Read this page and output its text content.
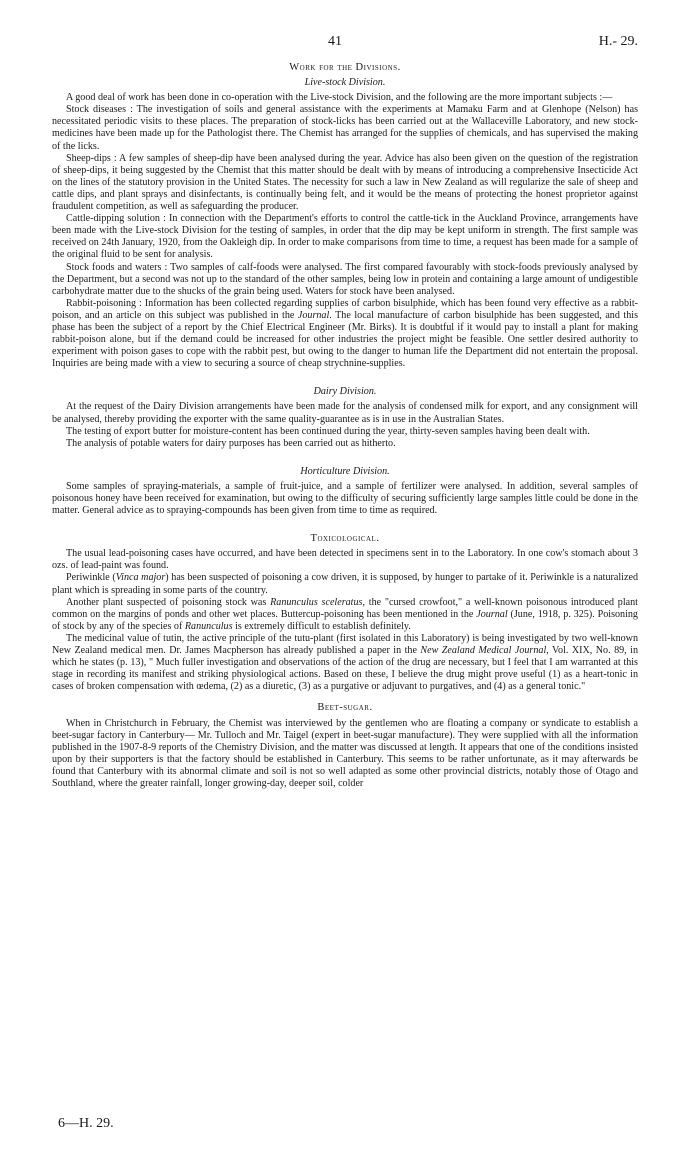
41	H.- 29.
Work for the Divisions.
Live-stock Division.

A good deal of work has been done in co-operation with the Live-stock Division, and the following are the more important subjects :—

Stock diseases : The investigation of soils and general assistance with the experiments at Mamaku Farm and at Glenhope (Nelson) has necessitated periodic visits to these places. The preparation of stock-licks has been carried out at the Wallaceville Laboratory, and new stock-medicines have been made up for the Pathologist there. The Chemist has arranged for the supplies of chemicals, and has supervised the making of the licks.

Sheep-dips : A few samples of sheep-dip have been analysed during the year. Advice has also been given on the question of the registration of sheep-dips, it being suggested by the Chemist that this matter should be dealt with by means of introducing a comprehensive Insecticide Act on the lines of the statutory provision in the United States. The necessity for such a law in New Zealand as will regularize the sale of sheep and cattle dips, and plant sprays and disinfectants, is continually being felt, and it would be the means of protecting the honest proprietor against fraudulent competition, as well as safeguarding the producer.

Cattle-dipping solution : In connection with the Department's efforts to control the cattle-tick in the Auckland Province, arrangements have been made with the Live-stock Division for the testing of samples, in order that the dip may be kept uniform in strength. The first sample was received on 24th January, 1920, from the Oakleigh dip. In order to make comparisons from time to time, a request has been made for a sample of the original fluid to be sent for analysis.

Stock foods and waters : Two samples of calf-foods were analysed. The first compared favourably with stock-foods previously analysed by the Department, but a second was not up to the standard of the other samples, being low in protein and containing a large amount of undigestible carbohydrate matter due to the shucks of the grain being used. Waters for stock have been analysed.

Rabbit-poisoning : Information has been collected regarding supplies of carbon bisulphide, which has been found very effective as a rabbit-poison, and an article on this subject was published in the Journal. The local manufacture of carbon bisulphide has been suggested, and this phase has been the subject of a report by the Chief Electrical Engineer (Mr. Birks). It is doubtful if it would pay to install a plant for making rabbit-poison alone, but if the demand could be increased for other industries the project might be feasible. One settler desired authority to experiment with poison gases to cope with the rabbit pest, but owing to the danger to human life the Department did not entertain the proposal. Inquiries are being made with a view to securing a source of cheap strychnine-supplies.

Dairy Division.

At the request of the Dairy Division arrangements have been made for the analysis of condensed milk for export, and any consignment will be analysed, thereby providing the exporter with the same quality-guarantee as is in use in the Australian States.

The testing of export butter for moisture-content has been continued during the year, thirty-seven samples having been dealt with.

The analysis of potable waters for dairy purposes has been carried out as hitherto.

Horticulture Division.

Some samples of spraying-materials, a sample of fruit-juice, and a sample of fertilizer were analysed. In addition, several samples of poisonous honey have been received for examination, but owing to the difficulty of securing sufficiently large samples little could be done in the matter. General advice as to spraying-compounds has been given from time to time as required.

Toxicological.

The usual lead-poisoning cases have occurred, and have been detected in specimens sent in to the Laboratory. In one cow's stomach about 3 ozs. of lead-paint was found.

Periwinkle (Vinca major) has been suspected of poisoning a cow driven, it is supposed, by hunger to partake of it. Periwinkle is a naturalized plant which is spreading in some parts of the country.

Another plant suspected of poisoning stock was Ranunculus sceleratus, the "cursed crowfoot," a well-known poisonous introduced plant common on the margins of ponds and other wet places. Buttercup-poisoning has been mentioned in the Journal (June, 1918, p. 325). Poisoning of stock by any of the species of Ranunculus is extremely difficult to establish definitely.

The medicinal value of tutin, the active principle of the tutu-plant (first isolated in this Laboratory) is being investigated by two well-known New Zealand medical men. Dr. James Macpherson has already published a paper in the New Zealand Medical Journal, Vol. XIX, No. 89, in which he states (p. 13), " Much fuller investigation and observations of the action of the drug are necessary, but I feel that I am warranted at this stage in recording its manifest and striking physiological actions. Based on these, I believe the drug might prove useful (1) as a heart-tonic in cases of broken compensation with œdema, (2) as a diuretic, (3) as a purgative or adjuvant to purgatives, and (4) as a general tonic."

Beet-sugar.

When in Christchurch in February, the Chemist was interviewed by the gentlemen who are floating a company or syndicate to establish a beet-sugar factory in Canterbury— Mr. Tulloch and Mr. Taigel (expert in beet-sugar manufacture). They were supplied with all the information published in the 1907-8-9 reports of the Chemistry Division, and the matter was discussed at length. It appears that one of the conditions insisted upon by their supporters is that the factory should be established in Canterbury. This seems to be rather unfortunate, as it may afterwards be found that Canterbury with its abnormal climate and soil is not so well adapted as some other provincial districts, notably those of Otago and Southland, where the greater rainfall, longer growing-day, deeper soil, colder

6—H. 29.
